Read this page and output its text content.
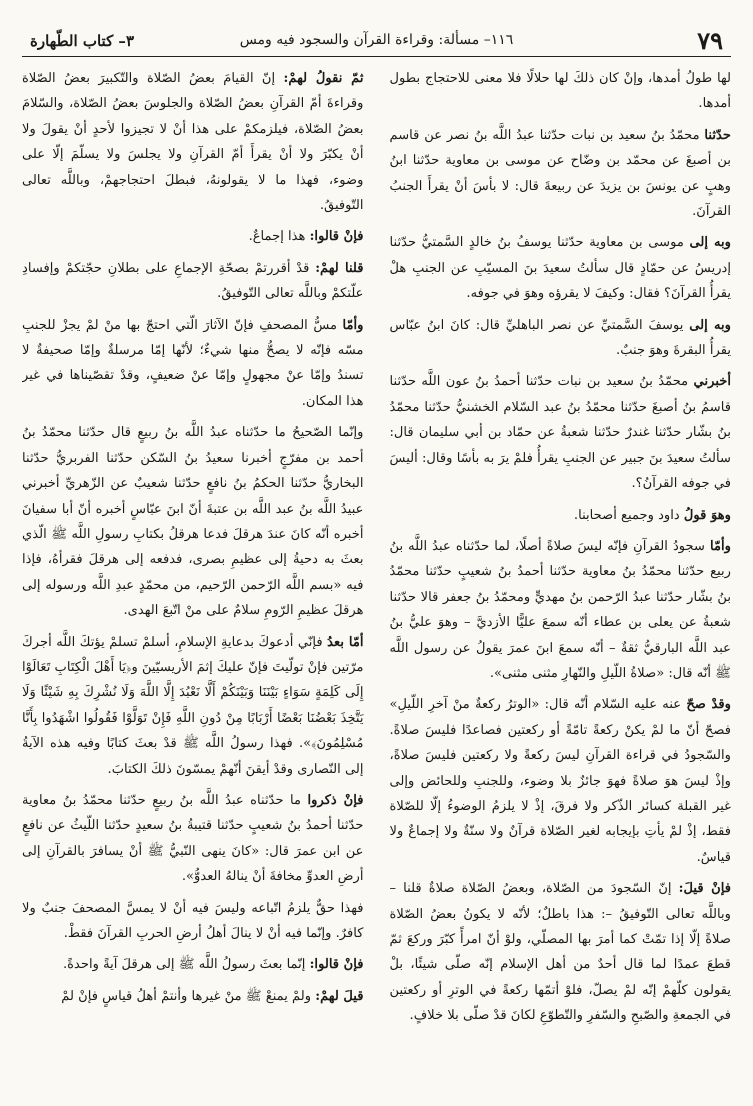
٧٩
١١٦– مسألة: وقراءة القرآن والسجود فيه ومس
٣– كتاب الطّهارة

لها طولُ أمدها، وإنْ كان ذلكَ لها حلالًا فلا معنى للاحتجاج بطول أمدها.

حدّثنا محمّدُ بنُ سعيد بن نبات حدّثنا عبدُ اللَّه بنُ نصر عن قاسم بن أصبغَ عن محمّد بن وضّاح عن موسى بن معاوية حدّثنا ابنُ وهبٍ عن يونسَ بن يزيدَ عن ربيعةَ قال: لا بأسَ أنْ يقرأَ الجنبُ القرآنَ.

وبه إلى موسى بن معاوية حدّثنا يوسفُ بنُ خالدٍ السَّمتيُّ حدّثنا إدريسُ عن حمّادٍ قال سألتُ سعيدَ بنَ المسيّبِ عن الجنبِ هلْ يقرأُ القرآنَ؟ فقال: وكيفَ لا يقرؤه وهوَ في جوفه.

وبه إلى يوسفَ السَّمتيِّ عن نصر الباهليِّ قال: كانَ ابنُ عبّاس يقرأُ البقرةَ وهوَ جنبٌ.

أخبرني محمّدُ بنُ سعيد بن نبات حدّثنا أحمدُ بنُ عون اللَّه حدّثنا قاسمُ بنُ أصبغَ حدّثنا محمّدُ بنُ عبد السّلام الخشنيُّ حدّثنا محمّدُ بنُ بشّار حدّثنا غندرٌ حدّثنا شعبةُ عن حمّاد بن أبي سليمان قال: سألتُ سعيدَ بنَ جبير عن الجنبِ يقرأُ فلمْ يرَ به بأسًا وقال: أليسَ في جوفه القرآنُ؟.

وهوَ قولُ داود وجميع أصحابنا.

وأمّا سجودُ القرآنِ فإنّه ليسَ صلاةً أصلًا، لما حدّثناه عبدُ اللَّه بنُ ربيع حدّثنا محمّدُ بنُ معاوية حدّثنا أحمدُ بنُ شعيبٍ حدّثنا محمّدُ بنُ بشّار حدّثنا عبدُ الرّحمن بنُ مهديٍّ ومحمّدُ بنُ جعفر قالا حدّثنا شعبةُ عن يعلى بن عطاء أنّه سمعَ عليًّا الأزديَّ – وهوَ عليُّ بنُ عبد اللَّه البارقيُّ ثقةٌ – أنّه سمعَ ابنَ عمرَ يقولُ عن رسول اللَّه ﷺ أنّه قال: «صلاةُ اللّيلِ والنّهارِ مثنى مثنى».

وقدْ صحّ عنه عليه السّلام أنّه قال: «الوترُ ركعةٌ منْ آخرِ اللّيلِ» فصحّ أنّ ما لمْ يكنْ ركعةً تامّةً أو ركعتين فصاعدًا فليسَ صلاةً. والسّجودُ في قراءة القرآنِ ليسَ ركعةً ولا ركعتين فليسَ صلاةً، وإذْ ليسَ هوَ صلاةً فهوَ جائزٌ بلا وضوء، وللجنبِ وللحائض وإلى غير القبلة كسائر الذّكر ولا فرقَ، إذْ لا يلزمُ الوضوءُ إلّا للصّلاة فقط، إذْ لمْ يأتِ بإيجابه لغير الصّلاة قرآنٌ ولا سنّةٌ ولا إجماعٌ ولا قياسٌ.

فإنْ قيلَ: إنّ السّجودَ من الصّلاة، وبعضُ الصّلاة صلاةٌ قلنا – وباللَّه تعالى التّوفيقُ –: هذا باطلٌ؛ لأنّه لا يكونُ بعضُ الصّلاة صلاةً إلّا إذا تمّتْ كما أمرَ بها المصلّي، ولوْ أنّ امرأً كبّرَ وركعَ ثمّ قطعَ عمدًا لما قال أحدٌ من أهل الإسلام إنّه صلّى شيئًا، بلْ يقولون كلّهمْ إنّه لمْ يصلّ، فلوْ أتمّها ركعةً في الوترِ أو ركعتين في الجمعةِ والصّبحِ والسّفرِ والتّطوّعِ لكانَ قدْ صلّى بلا خلافٍ.

ثمّ نقولُ لهمْ: إنّ القيامَ بعضُ الصّلاة والتّكبيرَ بعضُ الصّلاة وقراءةَ أمّ القرآنِ بعضُ الصّلاة والجلوسَ بعضُ الصّلاة، والسّلامَ بعضُ الصّلاة، فيلزمكمْ على هذا أنْ لا تجيزوا لأحدٍ أنْ يقولَ ولا أنْ يكبّرَ ولا أنْ يقرأَ أمّ القرآنِ ولا يجلسَ ولا يسلّمَ إلّا على وضوء، فهذا ما لا يقولونهُ، فبطلَ احتجاجهمْ، وباللَّه تعالى التّوفيقُ.

فإنْ قالوا: هذا إجماعٌ.

قلنا لهمْ: قدْ أقررتمْ بصحّةِ الإجماعِ على بطلانِ حجّتكمْ وإفسادِ علّتكمْ وباللَّه تعالى التّوفيقُ.

وأمّا مسُّ المصحفِ فإنّ الآثارَ الّتي احتجّ بها منْ لمْ يجزْ للجنبِ مسّه فإنّه لا يصحُّ منها شيءٌ؛ لأنّها إمّا مرسلةٌ وإمّا صحيفةٌ لا تسندُ وإمّا عنْ مجهولٍ وإمّا عنْ ضعيفٍ، وقدْ تقصّيناها في غير هذا المكان.

وإنّما الصّحيحُ ما حدّثناه عبدُ اللَّه بنُ ربيعٍ قال حدّثنا محمّدُ بنُ أحمد بن مفرّجٍ أخبرنا سعيدُ بنُ السّكن حدّثنا الفربريُّ حدّثنا البخاريُّ حدّثنا الحكمُ بنُ نافعٍ حدّثنا شعيبٌ عن الزّهريِّ أخبرني عبيدُ اللَّه بنُ عبد اللَّه بن عتبةَ أنّ ابنَ عبّاسٍ أخبره أنّ أبا سفيانَ أخبره أنّه كانَ عندَ هرقلَ فدعا هرقلُ بكتابِ رسولِ اللَّه ﷺ الّذي بعثَ به دحيةُ إلى عظيمِ بصرى، فدفعه إلى هرقلَ فقرأهُ، فإذا فيه «بسم اللَّه الرّحمن الرّحيم، من محمّدٍ عبدِ اللَّه ورسوله إلى هرقلَ عظيمِ الرّومِ سلامٌ على منْ اتّبعَ الهدى.

أمّا بعدُ فإنّي أدعوكَ بدعايةِ الإسلامِ، أسلمْ تسلمْ يؤتكَ اللَّه أجركَ مرّتين فإنْ تولّيتَ فإنّ عليكَ إثمَ الأريسيّينَ و﴿يَا أَهْلَ الْكِتَابِ تَعَالَوْا إِلَى كَلِمَةٍ سَوَاءٍ بَيْنَنَا وَبَيْنَكُمْ أَلَّا نَعْبُدَ إِلَّا اللَّهَ وَلَا نُشْرِكَ بِهِ شَيْئًا وَلَا يَتَّخِذَ بَعْضُنَا بَعْضًا أَرْبَابًا مِنْ دُونِ اللَّهِ فَإِنْ تَوَلَّوْا فَقُولُوا اشْهَدُوا بِأَنَّا مُسْلِمُونَ﴾». فهذا رسولُ اللَّه ﷺ قدْ بعثَ كتابًا وفيه هذه الآيةُ إلى النّصارى وقدْ أيقنَ أنّهمْ يمسّونَ ذلكَ الكتابَ.

فإنْ ذكروا ما حدّثناه عبدُ اللَّه بنُ ربيعٍ حدّثنا محمّدُ بنُ معاوية حدّثنا أحمدُ بنُ شعيبٍ حدّثنا قتيبةُ بنُ سعيدٍ حدّثنا اللّيثُ عن نافعٍ عن ابن عمرَ قال: «كانَ ينهى النّبيُّ ﷺ أنْ يسافرَ بالقرآنِ إلى أرضِ العدوِّ مخافةَ أنْ ينالهُ العدوُّ».

فهذا حقٌّ يلزمُ اتّباعه وليسَ فيه أنْ لا يمسَّ المصحفَ جنبٌ ولا كافرٌ. وإنّما فيه أنْ لا ينالَ أهلُ أرضِ الحربِ القرآنَ فقطْ.

فإنْ قالوا: إنّما بعثَ رسولُ اللَّه ﷺ إلى هرقلَ آيةً واحدةً.

قيلَ لهمْ: ولمْ يمنعْ ﷺ منْ غيرها وأنتمْ أهلُ قياسٍ فإنْ لمْ
